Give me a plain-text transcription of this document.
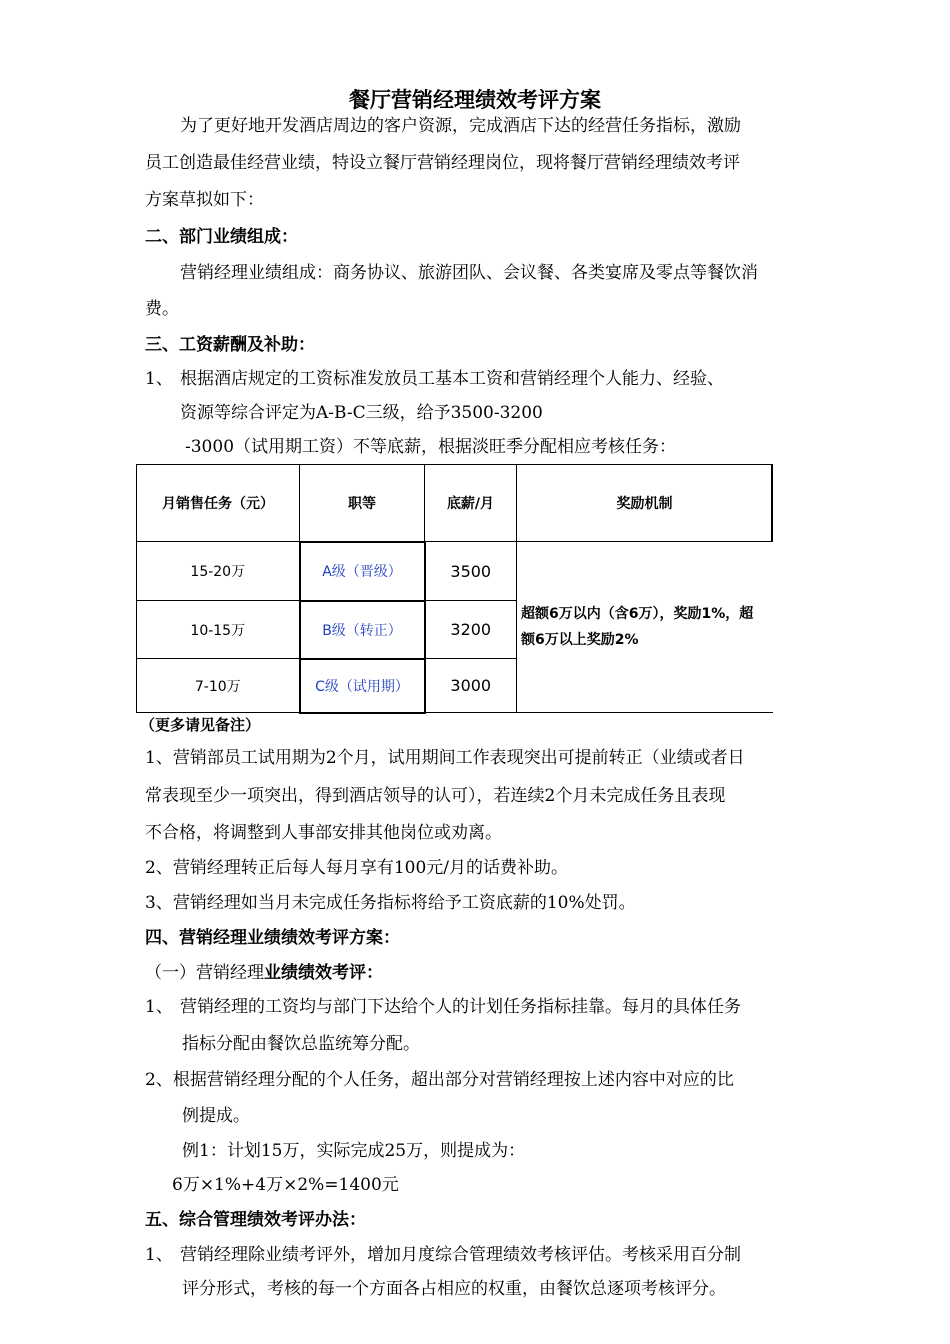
餐厅营销经理绩效考评方案
为了更好地开发酒店周边的客户资源，完成酒店下达的经营任务指标，激励
员工创造最佳经营业绩，特设立餐厅营销经理岗位，现将餐厅营销经理绩效考评
方案草拟如下：
二、部门业绩组成：
营销经理业绩组成：商务协议、旅游团队、会议餐、各类宴席及零点等餐饮消
费。
三、工资薪酬及补助：
1、 根据酒店规定的工资标准发放员工基本工资和营销经理个人能力、经验、
资源等综合评定为A-B-C三级，给予3500-3200
-3000（试用期工资）不等底薪，根据淡旺季分配相应考核任务：
月销售任务（元）	职等	底薪/月	奖励机制
15-20万	A级（晋级）	3500	超额6万以内（含6万），奖励1%，超
额6万以上奖励2%

10-15万	B级（转正）	3200	
7-10万	C级（试用期）	3000	
（更多请见备注）
1、营销部员工试用期为2个月，试用期间工作表现突出可提前转正（业绩或者日
常表现至少一项突出，得到酒店领导的认可），若连续2个月未完成任务且表现
不合格，将调整到人事部安排其他岗位或劝离。
2、营销经理转正后每人每月享有100元/月的话费补助。
3、营销经理如当月未完成任务指标将给予工资底薪的10%处罚。
四、营销经理业绩绩效考评方案：
（一）营销经理业绩绩效考评：
1、 营销经理的工资均与部门下达给个人的计划任务指标挂靠。每月的具体任务
指标分配由餐饮总监统筹分配。
2、根据营销经理分配的个人任务，超出部分对营销经理按上述内容中对应的比
例提成。
例1：计划15万，实际完成25万，则提成为：
6万×1%+4万×2%=1400元
五、综合管理绩效考评办法：
1、 营销经理除业绩考评外，增加月度综合管理绩效考核评估。考核采用百分制
评分形式，考核的每一个方面各占相应的权重，由餐饮总逐项考核评分。
